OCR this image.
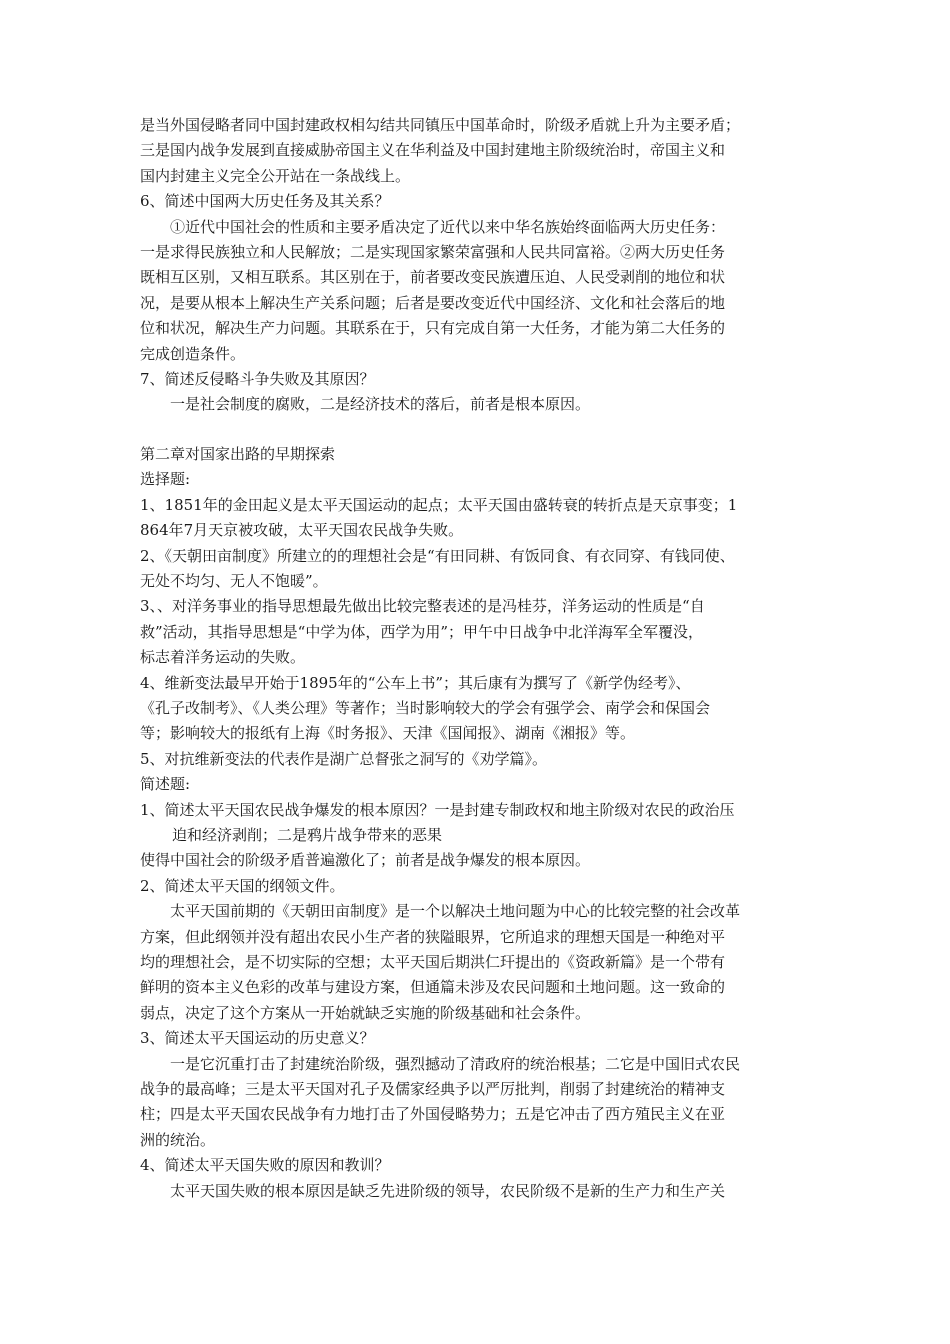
是当外国侵略者同中国封建政权相勾结共同镇压中国革命时，阶级矛盾就上升为主要矛盾；

三是国内战争发展到直接威胁帝国主义在华利益及中国封建地主阶级统治时，帝国主义和

国内封建主义完全公开站在一条战线上。

6、简述中国两大历史任务及其关系？

①近代中国社会的性质和主要矛盾决定了近代以来中华名族始终面临两大历史任务：

一是求得民族独立和人民解放；二是实现国家繁荣富强和人民共同富裕。②两大历史任务

既相互区别，又相互联系。其区别在于，前者要改变民族遭压迫、人民受剥削的地位和状

况，是要从根本上解决生产关系问题；后者是要改变近代中国经济、文化和社会落后的地

位和状况，解决生产力问题。其联系在于，只有完成自第一大任务，才能为第二大任务的

完成创造条件。

7、简述反侵略斗争失败及其原因？

一是社会制度的腐败，二是经济技术的落后，前者是根本原因。

第二章对国家出路的早期探索

选择题:

1、1851年的金田起义是太平天国运动的起点；太平天国由盛转衰的转折点是天京事变；1

864年7月天京被攻破，太平天国农民战争失败。

2、《天朝田亩制度》所建立的的理想社会是“有田同耕、有饭同食、有衣同穿、有钱同使、

无处不均匀、无人不饱暖”。

3、、对洋务事业的指导思想最先做出比较完整表述的是冯桂芬，洋务运动的性质是“自

救”活动，其指导思想是“中学为体，西学为用”；甲午中日战争中北洋海军全军覆没，

标志着洋务运动的失败。

4、维新变法最早开始于1895年的“公车上书”；其后康有为撰写了《新学伪经考》、

《孔子改制考》、《人类公理》等著作；当时影响较大的学会有强学会、南学会和保国会

等；影响较大的报纸有上海《时务报》、天津《国闻报》、湖南《湘报》等。

5、对抗维新变法的代表作是湖广总督张之洞写的《劝学篇》。

简述题:

1、简述太平天国农民战争爆发的根本原因？一是封建专制政权和地主阶级对农民的政治压

迫和经济剥削；二是鸦片战争带来的恶果

使得中国社会的阶级矛盾普遍激化了；前者是战争爆发的根本原因。

2、简述太平天国的纲领文件。

太平天国前期的《天朝田亩制度》是一个以解决土地问题为中心的比较完整的社会改革

方案，但此纲领并没有超出农民小生产者的狭隘眼界，它所追求的理想天国是一种绝对平

均的理想社会，是不切实际的空想；太平天国后期洪仁玕提出的《资政新篇》是一个带有

鲜明的资本主义色彩的改革与建设方案，但通篇未涉及农民问题和土地问题。这一致命的

弱点，决定了这个方案从一开始就缺乏实施的阶级基础和社会条件。

3、简述太平天国运动的历史意义？

一是它沉重打击了封建统治阶级，强烈撼动了清政府的统治根基；二它是中国旧式农民

战争的最高峰；三是太平天国对孔子及儒家经典予以严厉批判，削弱了封建统治的精神支

柱；四是太平天国农民战争有力地打击了外国侵略势力；五是它冲击了西方殖民主义在亚

洲的统治。

4、简述太平天国失败的原因和教训？

太平天国失败的根本原因是缺乏先进阶级的领导，农民阶级不是新的生产力和生产关
